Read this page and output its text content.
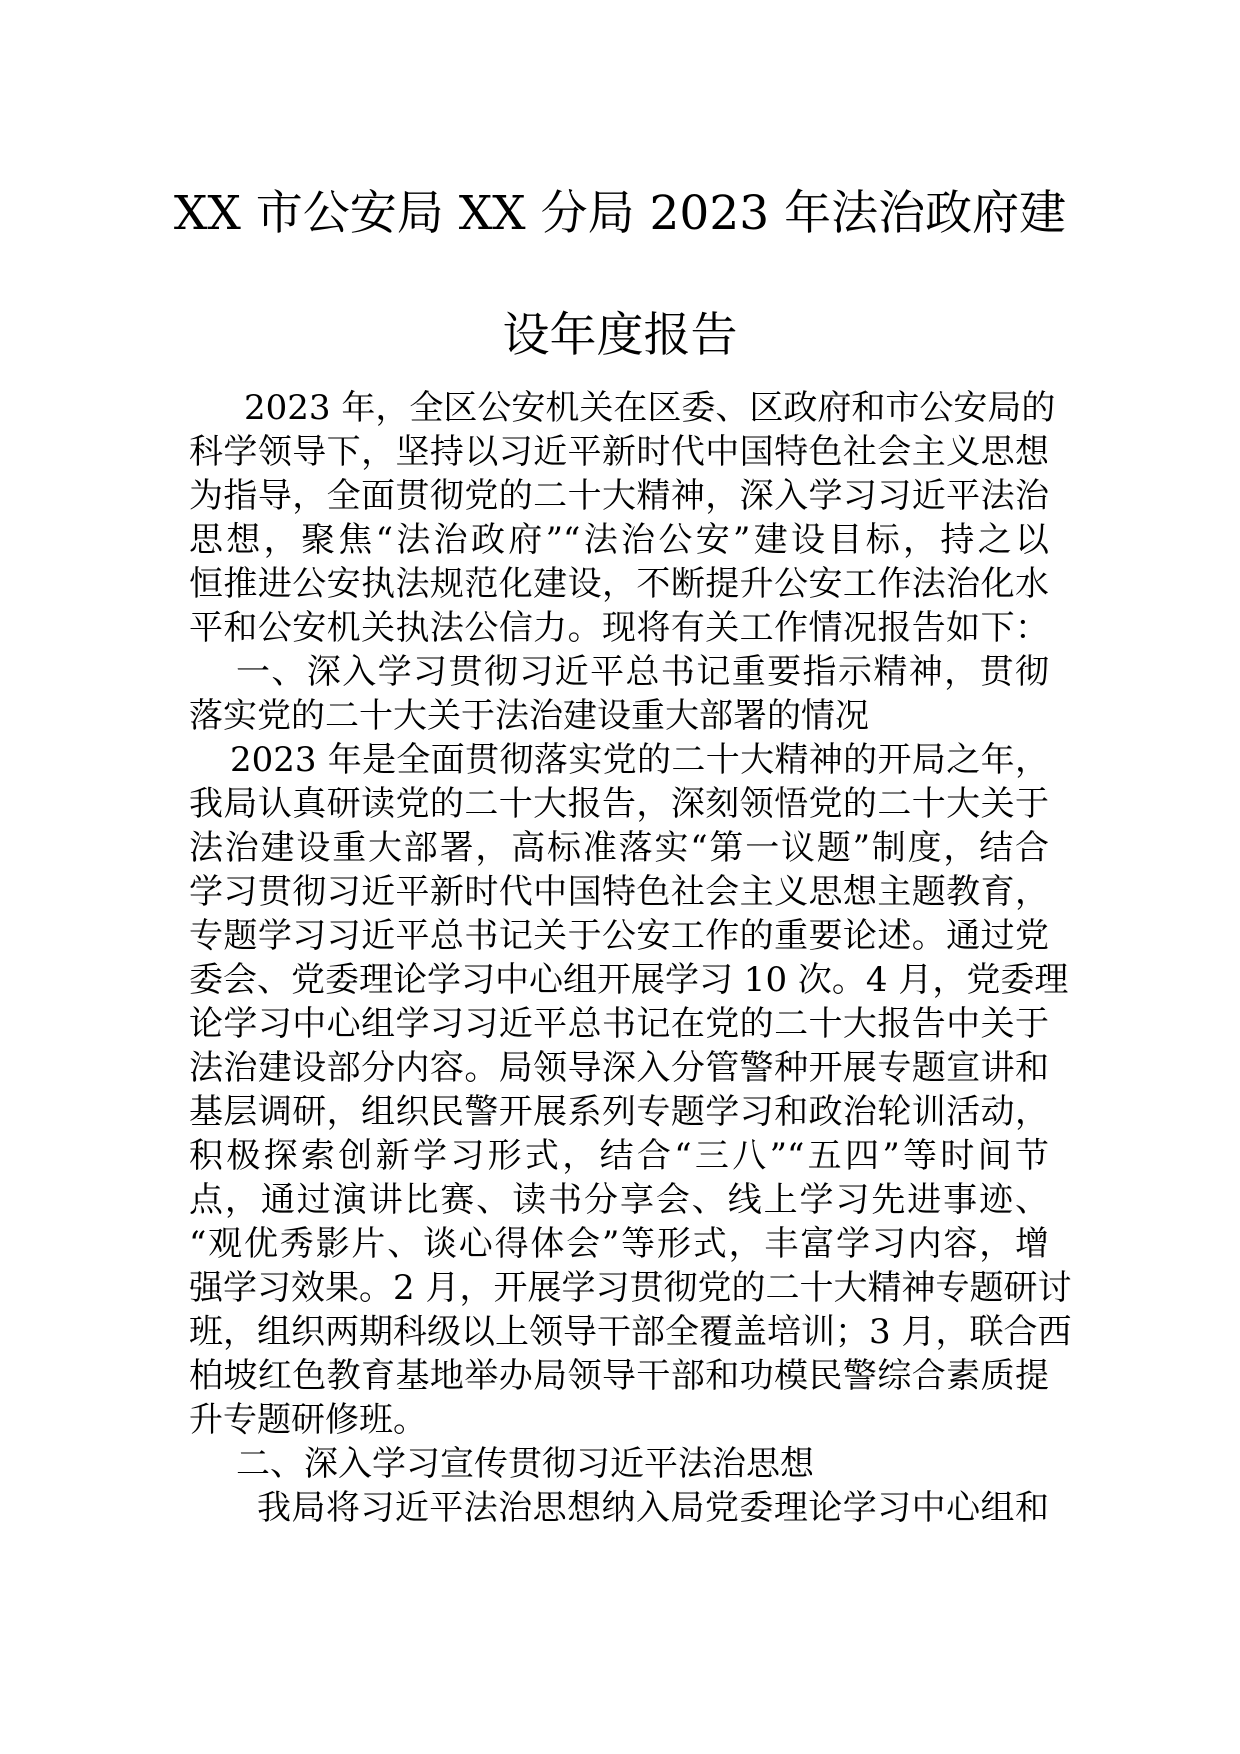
XX 市公安局 XX 分局 2023 年法治政府建
设年度报告
2023 年，全区公安机关在区委、区政府和市公安局的
科学领导下，坚持以习近平新时代中国特色社会主义思想
为指导，全面贯彻党的二十大精神，深入学习习近平法治
思想，聚焦“法治政府”“法治公安”建设目标，持之以
恒推进公安执法规范化建设，不断提升公安工作法治化水
平和公安机关执法公信力。现将有关工作情况报告如下：
一、深入学习贯彻习近平总书记重要指示精神，贯彻
落实党的二十大关于法治建设重大部署的情况
2023 年是全面贯彻落实党的二十大精神的开局之年，
我局认真研读党的二十大报告，深刻领悟党的二十大关于
法治建设重大部署，高标准落实“第一议题”制度，结合
学习贯彻习近平新时代中国特色社会主义思想主题教育，
专题学习习近平总书记关于公安工作的重要论述。通过党
委会、党委理论学习中心组开展学习 10 次。4 月，党委理
论学习中心组学习习近平总书记在党的二十大报告中关于
法治建设部分内容。局领导深入分管警种开展专题宣讲和
基层调研，组织民警开展系列专题学习和政治轮训活动，
积极探索创新学习形式，结合“三八”“五四”等时间节
点，通过演讲比赛、读书分享会、线上学习先进事迹、
“观优秀影片、谈心得体会”等形式，丰富学习内容，增
强学习效果。2 月，开展学习贯彻党的二十大精神专题研讨
班，组织两期科级以上领导干部全覆盖培训；3 月，联合西
柏坡红色教育基地举办局领导干部和功模民警综合素质提
升专题研修班。
二、深入学习宣传贯彻习近平法治思想
我局将习近平法治思想纳入局党委理论学习中心组和
